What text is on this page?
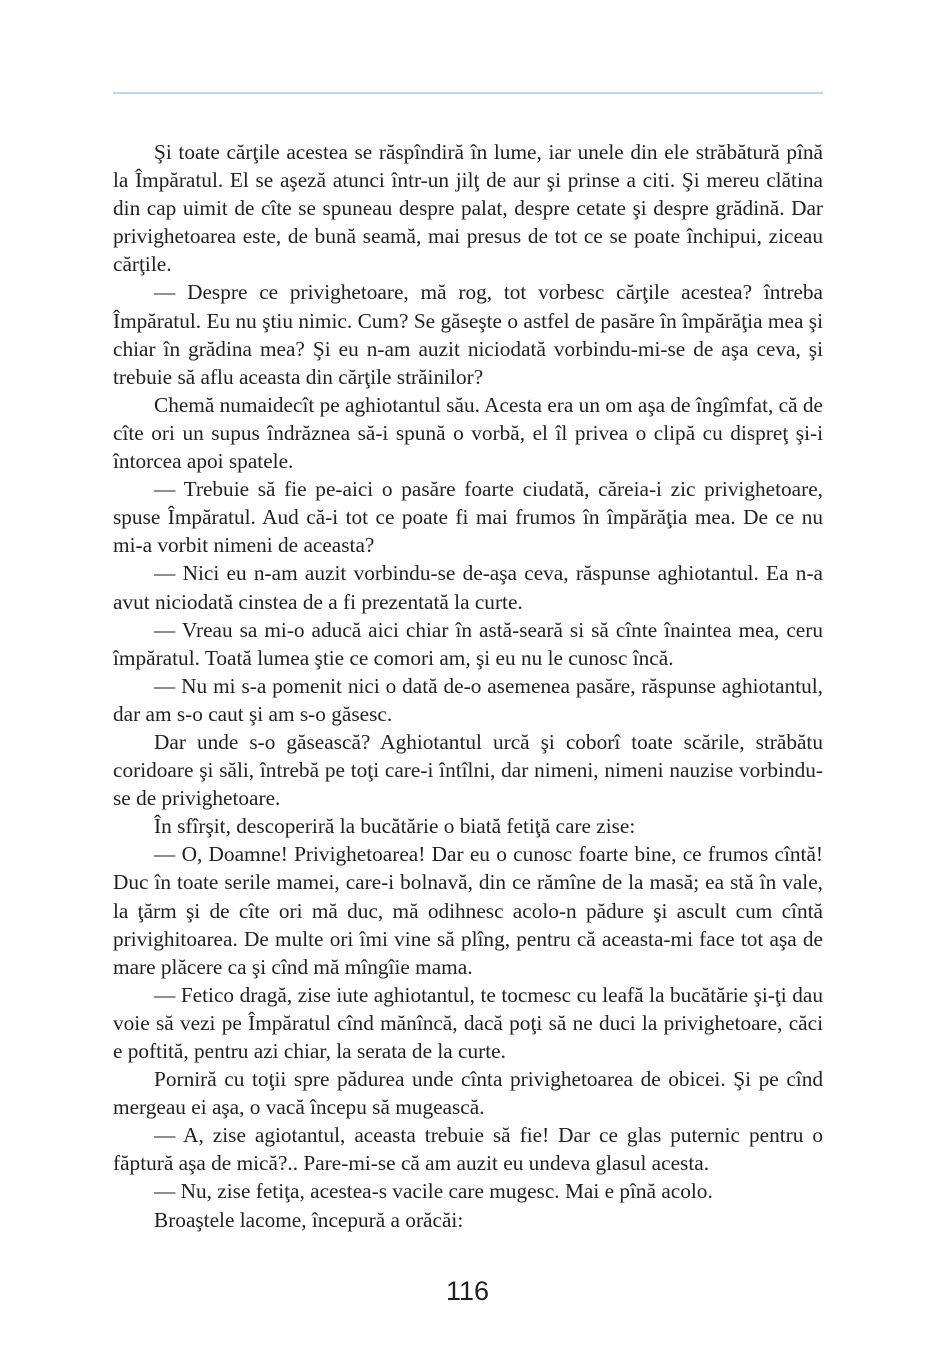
Şi toate cărţile acestea se răspîndiră în lume, iar unele din ele străbătură pînă la Împăratul. El se aşeză atunci într-un jilţ de aur şi prinse a citi. Şi mereu clătina din cap uimit de cîte se spuneau despre palat, despre cetate şi despre grădină. Dar privighetoarea este, de bună seamă, mai presus de tot ce se poate închipui, ziceau cărţile.

— Despre ce privighetoare, mă rog, tot vorbesc cărţile acestea? întreba Împăratul. Eu nu ştiu nimic. Cum? Se găseşte o astfel de pasăre în împărăţia mea şi chiar în grădina mea? Şi eu n-am auzit niciodată vorbindu-mi-se de aşa ceva, şi trebuie să aflu aceasta din cărţile străinilor?

Chemă numaidecît pe aghiotantul său. Acesta era un om aşa de îngîmfat, că de cîte ori un supus îndrăznea să-i spună o vorbă, el îl privea o clipă cu dispreţ şi-i întorcea apoi spatele.

— Trebuie să fie pe-aici o pasăre foarte ciudată, căreia-i zic privighetoare, spuse Împăratul. Aud că-i tot ce poate fi mai frumos în împărăţia mea. De ce nu mi-a vorbit nimeni de aceasta?

— Nici eu n-am auzit vorbindu-se de-aşa ceva, răspunse aghiotantul. Ea n-a avut niciodată cinstea de a fi prezentată la curte.

— Vreau sa mi-o aducă aici chiar în astă-seară si să cînte înaintea mea, ceru împăratul. Toată lumea ştie ce comori am, şi eu nu le cunosc încă.

— Nu mi s-a pomenit nici o dată de-o asemenea pasăre, răspunse aghiotantul, dar am s-o caut şi am s-o găsesc.

Dar unde s-o găsească? Aghiotantul urcă şi coborî toate scările, străbătu coridoare şi săli, întrebă pe toţi care-i întîlni, dar nimeni, nimeni nauzise vorbindu-se de privighetoare.

În sfîrşit, descoperiră la bucătărie o biată fetiţă care zise:

— O, Doamne! Privighetoarea! Dar eu o cunosc foarte bine, ce frumos cîntă! Duc în toate serile mamei, care-i bolnavă, din ce rămîne de la masă; ea stă în vale, la ţărm şi de cîte ori mă duc, mă odihnesc acolo-n pădure şi ascult cum cîntă privighitoarea. De multe ori îmi vine să plîng, pentru că aceasta-mi face tot aşa de mare plăcere ca şi cînd mă mîngîie mama.

— Fetico dragă, zise iute aghiotantul, te tocmesc cu leafă la bucătărie şi-ţi dau voie să vezi pe Împăratul cînd mănîncă, dacă poţi să ne duci la privighetoare, căci e poftită, pentru azi chiar, la serata de la curte.

Porniră cu toţii spre pădurea unde cînta privighetoarea de obicei. Şi pe cînd mergeau ei aşa, o vacă începu să mugească.

— A, zise agiotantul, aceasta trebuie să fie! Dar ce glas puternic pentru o făptură aşa de mică?.. Pare-mi-se că am auzit eu undeva glasul acesta.

— Nu, zise fetiţa, acestea-s vacile care mugesc. Mai e pînă acolo.

Broaştele lacome, începură a orăcăi:

116
